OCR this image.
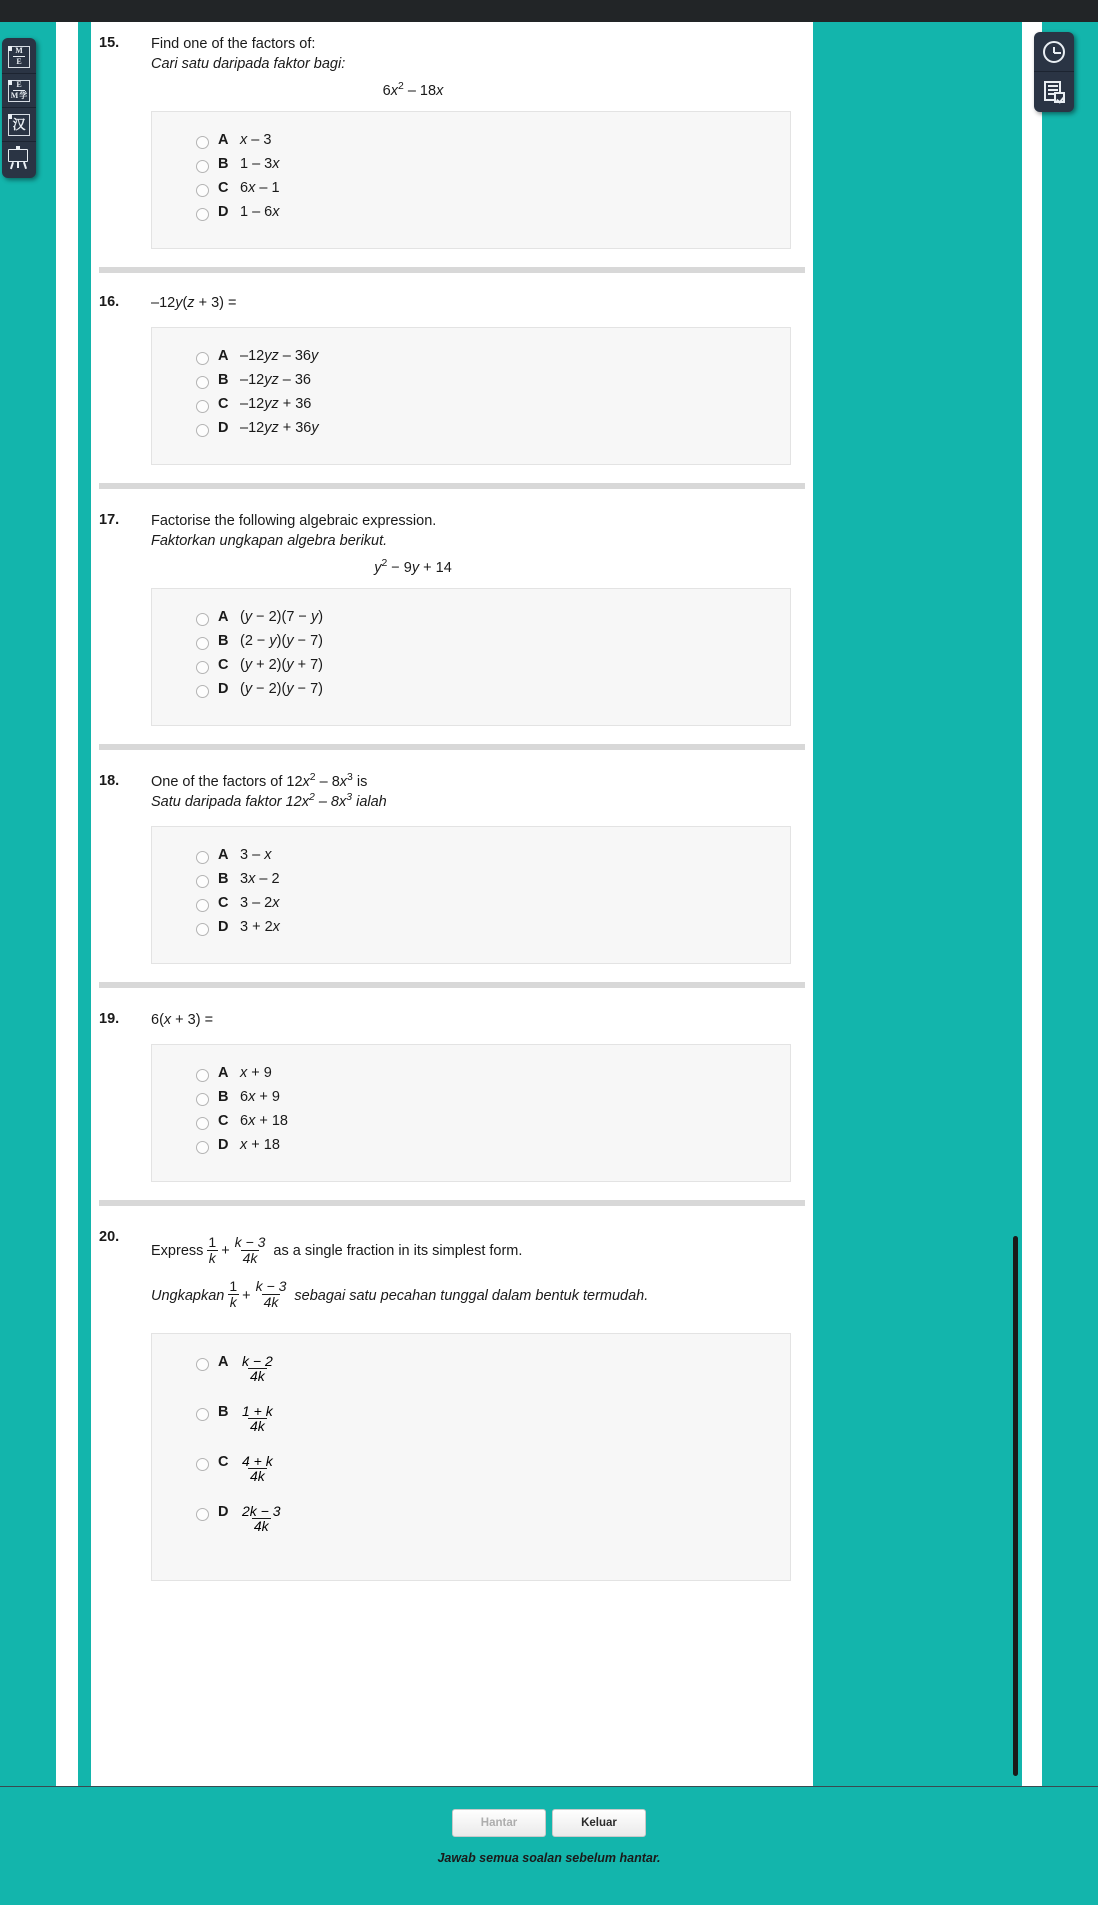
M
E
E
M 学
汉
15.	Find one of the factors of:
Cari satu daripada faktor bagi:
$6x^2 - 18x$
A x – 3
B 1 – 3x
C 6x – 1
D 1 – 6x
16.	–12y(z + 3) =
A –12yz – 36y
B –12yz – 36
C –12yz + 36
D –12yz + 36y
17.	Factorise the following algebraic expression.
Faktorkan ungkapan algebra berikut.
$y^2 - 9y + 14$
A (y − 2)(7 − y)
B (2 − y)(y − 7)
C (y + 2)(y + 7)
D (y − 2)(y − 7)
18.	One of the factors of $12x^2 - 8x^3$ is
Satu daripada faktor $12x^2 - 8x^3$ ialah
A 3 – x
B 3x – 2
C 3 – 2x
D 3 + 2x
19.	6(x + 3) =
A x + 9
B 6x + 9
C 6x + 18
D x + 18
20.
Express $\frac{1}{k} + \frac{k - 3}{4k}$ as a single fraction in its simplest form.

Ungkapkan $\frac{1}{k} + \frac{k - 3}{4k}$ sebagai satu pecahan tunggal dalam bentuk termudah.
A $\frac{k - 2}{4k}$
B $\frac{1 + k}{4k}$
C $\frac{4 + k}{4k}$
D $\frac{2k - 3}{4k}$
Hantar	Keluar
Jawab semua soalan sebelum hantar.
